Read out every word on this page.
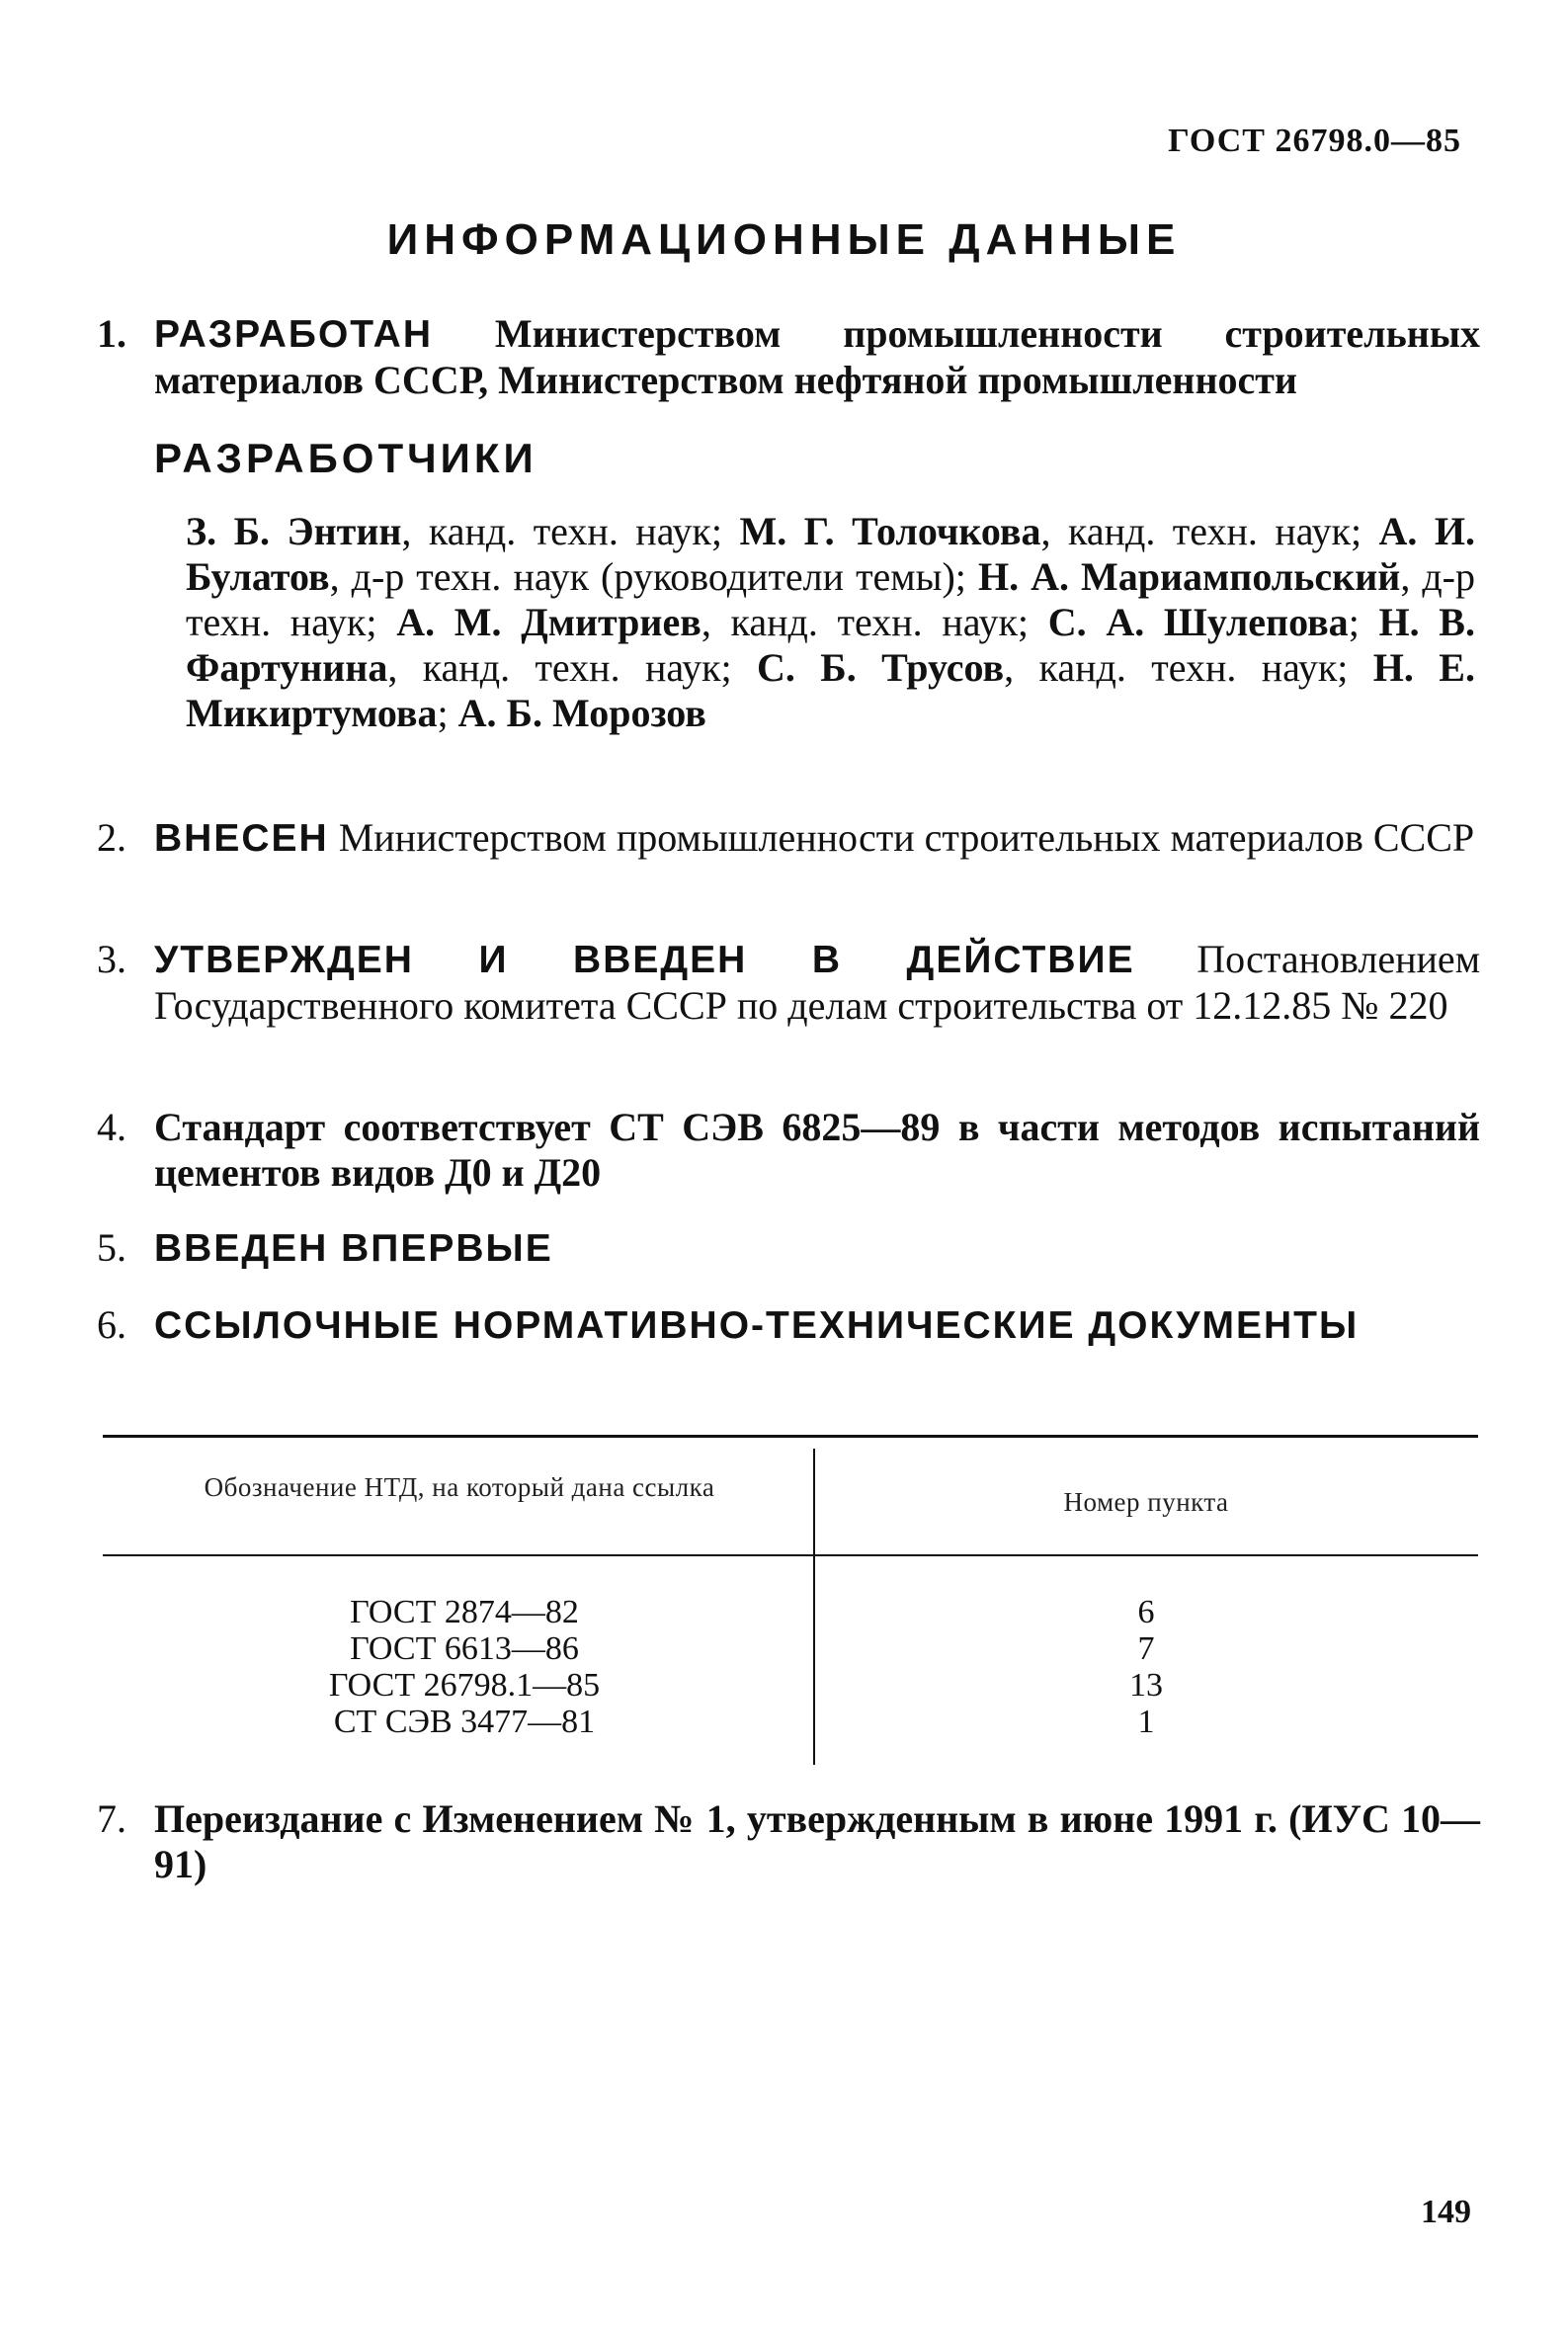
ГОСТ 26798.0—85
ИНФОРМАЦИОННЫЕ ДАННЫЕ
1. РАЗРАБОТАН Министерством промышленности строительных материалов СССР, Министерством нефтяной промышленности
РАЗРАБОТЧИКИ
З. Б. Энтин, канд. техн. наук; М. Г. Толочкова, канд. техн. наук; А. И. Булатов, д-р техн. наук (руководители темы); Н. А. Мариампольский, д-р техн. наук; А. М. Дмитриев, канд. техн. наук; С. А. Шулепова; Н. В. Фартунина, канд. техн. наук; С. Б. Трусов, канд. техн. наук; Н. Е. Микиртумова; А. Б. Морозов
2. ВНЕСЕН Министерством промышленности строительных материалов СССР
3. УТВЕРЖДЕН И ВВЕДЕН В ДЕЙСТВИЕ Постановлением Государственного комитета СССР по делам строительства от 12.12.85 № 220
4. Стандарт соответствует СТ СЭВ 6825—89 в части методов испытаний цементов видов Д0 и Д20
5. ВВЕДЕН ВПЕРВЫЕ
6. ССЫЛОЧНЫЕ НОРМАТИВНО-ТЕХНИЧЕСКИЕ ДОКУМЕНТЫ
Обозначение НТД, на который дана ссылка	Номер пункта
ГОСТ 2874—82
ГОСТ 6613—86
ГОСТ 26798.1—85
СТ СЭВ 3477—81
6
7
13
1
7. Переиздание с Изменением № 1, утвержденным в июне 1991 г. (ИУС 10—91)
149
